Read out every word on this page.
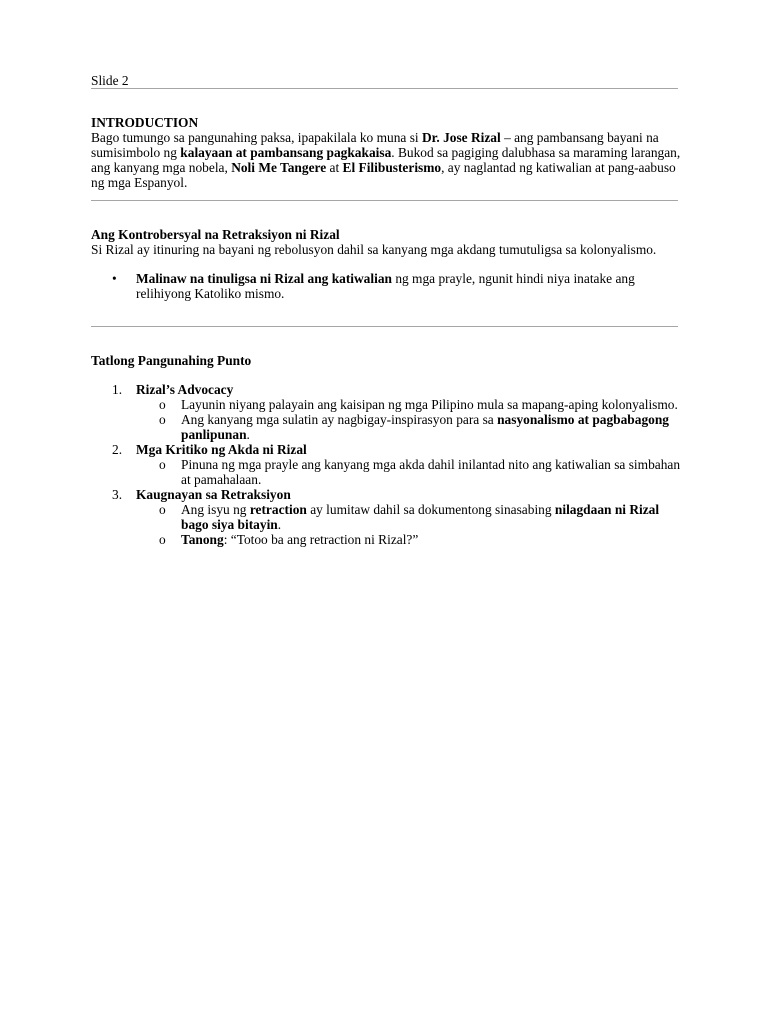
Slide 2

INTRODUCTION

Bago tumungo sa pangunahing paksa, ipapakilala ko muna si Dr. Jose Rizal – ang pambansang bayani na sumisimbolo ng kalayaan at pambansang pagkakaisa. Bukod sa pagiging dalubhasa sa maraming larangan, ang kanyang mga nobela, Noli Me Tangere at El Filibusterismo, ay naglantad ng katiwalian at pang-aabuso ng mga Espanyol.

Ang Kontrobersyal na Retraksiyon ni Rizal

Si Rizal ay itinuring na bayani ng rebolusyon dahil sa kanyang mga akdang tumutuligsa sa kolonyalismo.

• Malinaw na tinuligsa ni Rizal ang katiwalian ng mga prayle, ngunit hindi niya inatake ang relihiyong Katoliko mismo.

Tatlong Pangunahing Punto

1. Rizal’s Advocacy
o Layunin niyang palayain ang kaisipan ng mga Pilipino mula sa mapang-aping kolonyalismo.
o Ang kanyang mga sulatin ay nagbigay-inspirasyon para sa nasyonalismo at pagbabagong panlipunan.
2. Mga Kritiko ng Akda ni Rizal
o Pinuna ng mga prayle ang kanyang mga akda dahil inilantad nito ang katiwalian sa simbahan at pamahalaan.
3. Kaugnayan sa Retraksiyon
o Ang isyu ng retraction ay lumitaw dahil sa dokumentong sinasabing nilagdaan ni Rizal bago siya bitayin.
o Tanong: “Totoo ba ang retraction ni Rizal?”
